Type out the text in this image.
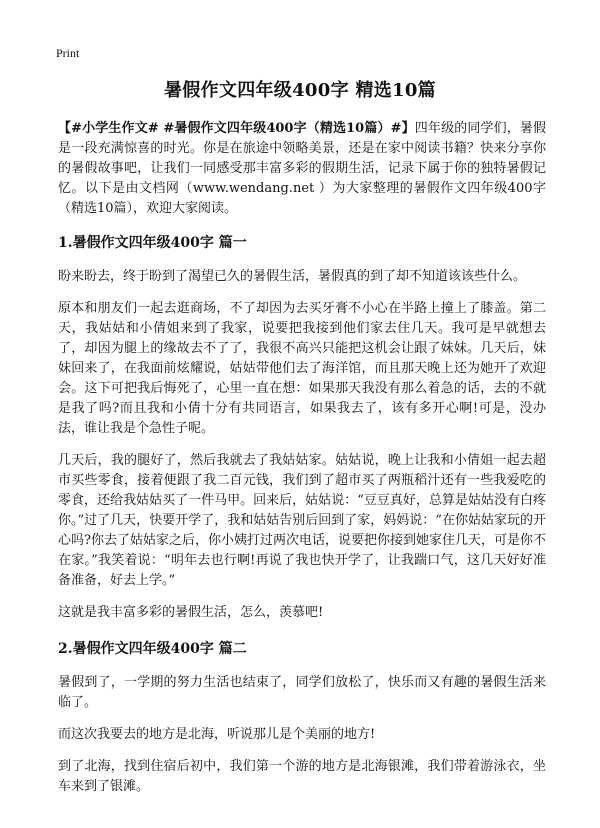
Print
暑假作文四年级400字 精选10篇

【#小学生作文# #暑假作文四年级400字（精选10篇）#】四年级的同学们，暑假是一段充满惊喜的时光。你是在旅途中领略美景，还是在家中阅读书籍？快来分享你的暑假故事吧，让我们一同感受那丰富多彩的假期生活，记录下属于你的独特暑假记忆。以下是由文档网（www.wendang.net ）为大家整理的暑假作文四年级400字（精选10篇），欢迎大家阅读。

1.暑假作文四年级400字 篇一

盼来盼去，终于盼到了渴望已久的暑假生活，暑假真的到了却不知道该该些什么。

原本和朋友们一起去逛商场，不了却因为去买牙膏不小心在半路上撞上了膝盖。第二天，我姑姑和小倩姐来到了我家，说要把我接到他们家去住几天。我可是早就想去了，却因为腿上的缘故去不了了，我很不高兴只能把这机会让跟了妹妹。几天后，妹妹回来了，在我面前炫耀说，姑姑带他们去了海洋馆，而且那天晚上还为她开了欢迎会。这下可把我后悔死了，心里一直在想：如果那天我没有那么着急的话，去的不就是我了吗?而且我和小倩十分有共同语言，如果我去了，该有多开心啊!可是，没办法，谁让我是个急性子呢。

几天后，我的腿好了，然后我就去了我姑姑家。姑姑说，晚上让我和小倩姐一起去超市买些零食，接着便跟了我二百元钱，我们到了超市买了两瓶稻汁还有一些我爱吃的零食，还给我姑姑买了一件马甲。回来后，姑姑说：“豆豆真好，总算是姑姑没有白疼你。”过了几天，快要开学了，我和姑姑告别后回到了家，妈妈说：“在你姑姑家玩的开心吗?你去了姑姑家之后，你小姨打过两次电话，说要把你接到她家住几天，可是你不在家。”我笑着说：“明年去也行啊!再说了我也快开学了，让我踹口气，这几天好好准备准备，好去上学。”

这就是我丰富多彩的暑假生活，怎么，羡慕吧!

2.暑假作文四年级400字 篇二

暑假到了，一学期的努力生活也结束了，同学们放松了，快乐而又有趣的暑假生活来临了。

而这次我要去的地方是北海，听说那儿是个美丽的地方!

到了北海，找到住宿后初中，我们第一个游的地方是北海银滩，我们带着游泳衣，坐车来到了银滩。
